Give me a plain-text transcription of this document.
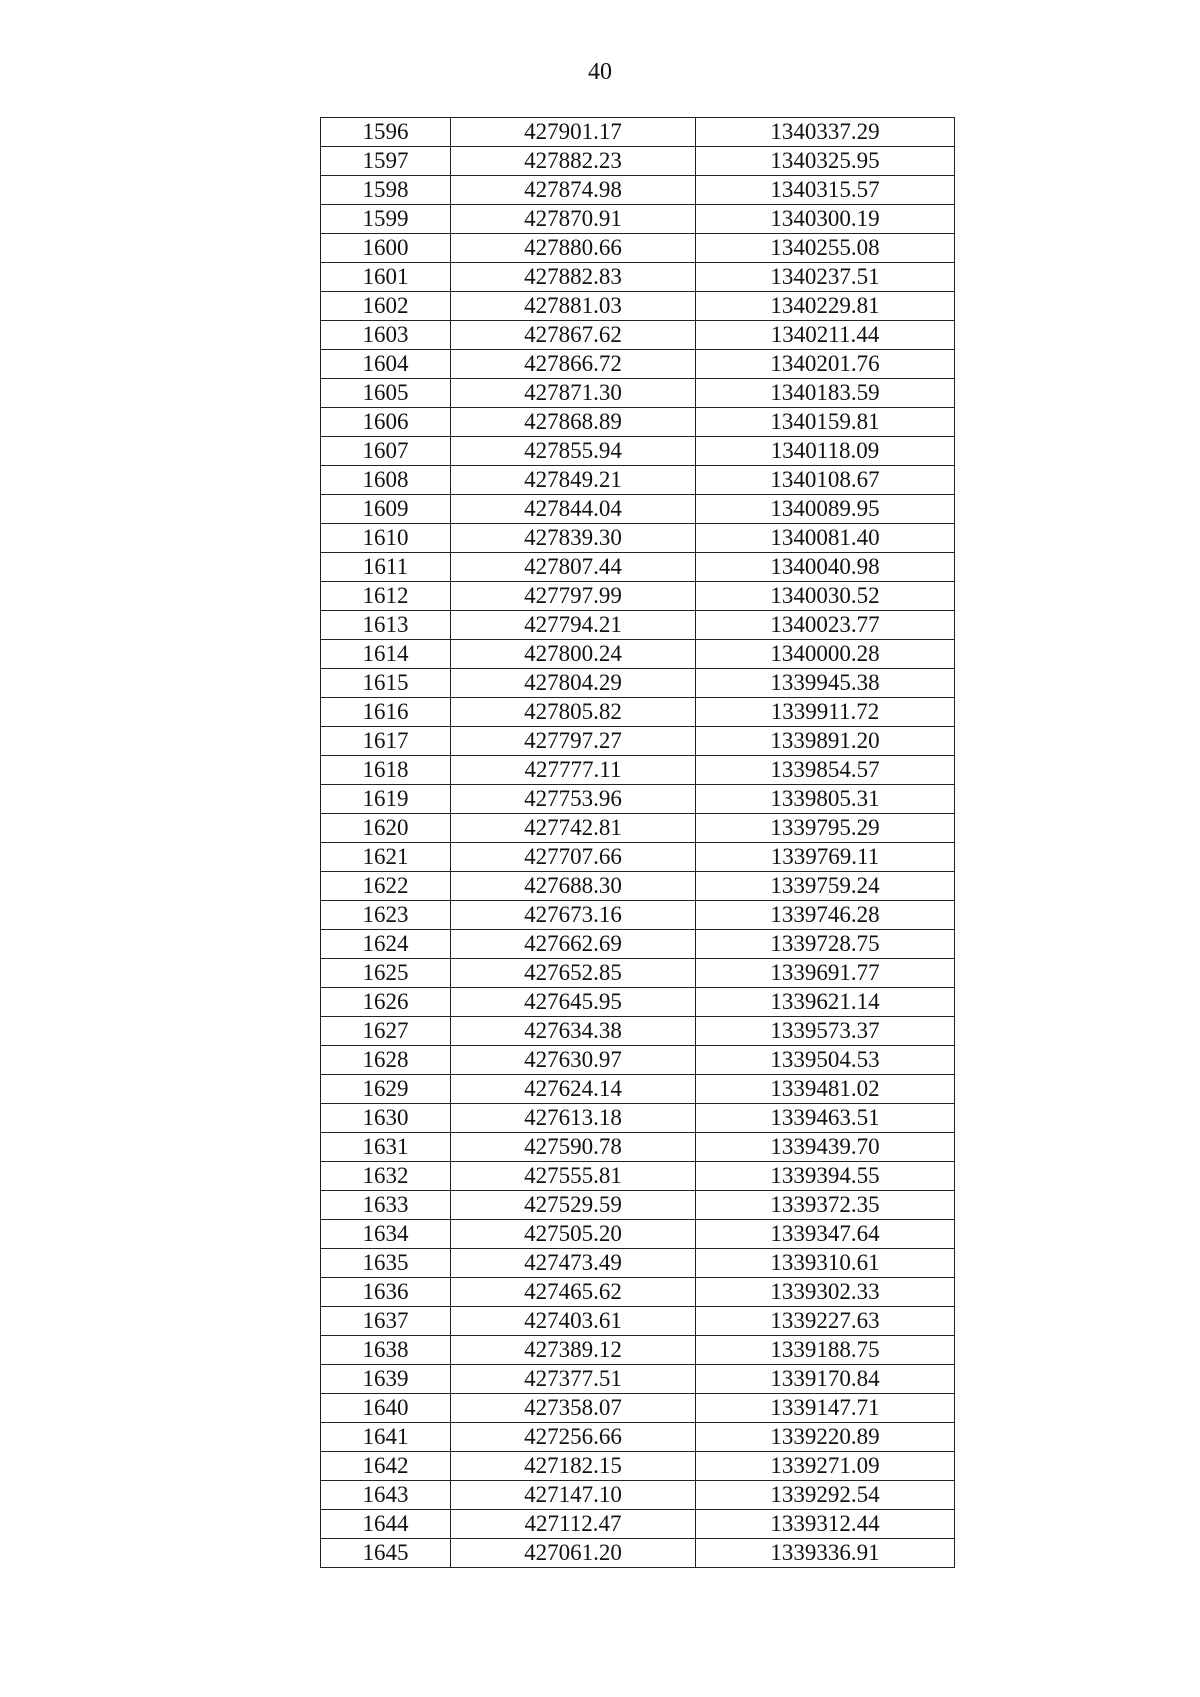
40
1596	427901.17	1340337.29
1597	427882.23	1340325.95
1598	427874.98	1340315.57
1599	427870.91	1340300.19
1600	427880.66	1340255.08
1601	427882.83	1340237.51
1602	427881.03	1340229.81
1603	427867.62	1340211.44
1604	427866.72	1340201.76
1605	427871.30	1340183.59
1606	427868.89	1340159.81
1607	427855.94	1340118.09
1608	427849.21	1340108.67
1609	427844.04	1340089.95
1610	427839.30	1340081.40
1611	427807.44	1340040.98
1612	427797.99	1340030.52
1613	427794.21	1340023.77
1614	427800.24	1340000.28
1615	427804.29	1339945.38
1616	427805.82	1339911.72
1617	427797.27	1339891.20
1618	427777.11	1339854.57
1619	427753.96	1339805.31
1620	427742.81	1339795.29
1621	427707.66	1339769.11
1622	427688.30	1339759.24
1623	427673.16	1339746.28
1624	427662.69	1339728.75
1625	427652.85	1339691.77
1626	427645.95	1339621.14
1627	427634.38	1339573.37
1628	427630.97	1339504.53
1629	427624.14	1339481.02
1630	427613.18	1339463.51
1631	427590.78	1339439.70
1632	427555.81	1339394.55
1633	427529.59	1339372.35
1634	427505.20	1339347.64
1635	427473.49	1339310.61
1636	427465.62	1339302.33
1637	427403.61	1339227.63
1638	427389.12	1339188.75
1639	427377.51	1339170.84
1640	427358.07	1339147.71
1641	427256.66	1339220.89
1642	427182.15	1339271.09
1643	427147.10	1339292.54
1644	427112.47	1339312.44
1645	427061.20	1339336.91
